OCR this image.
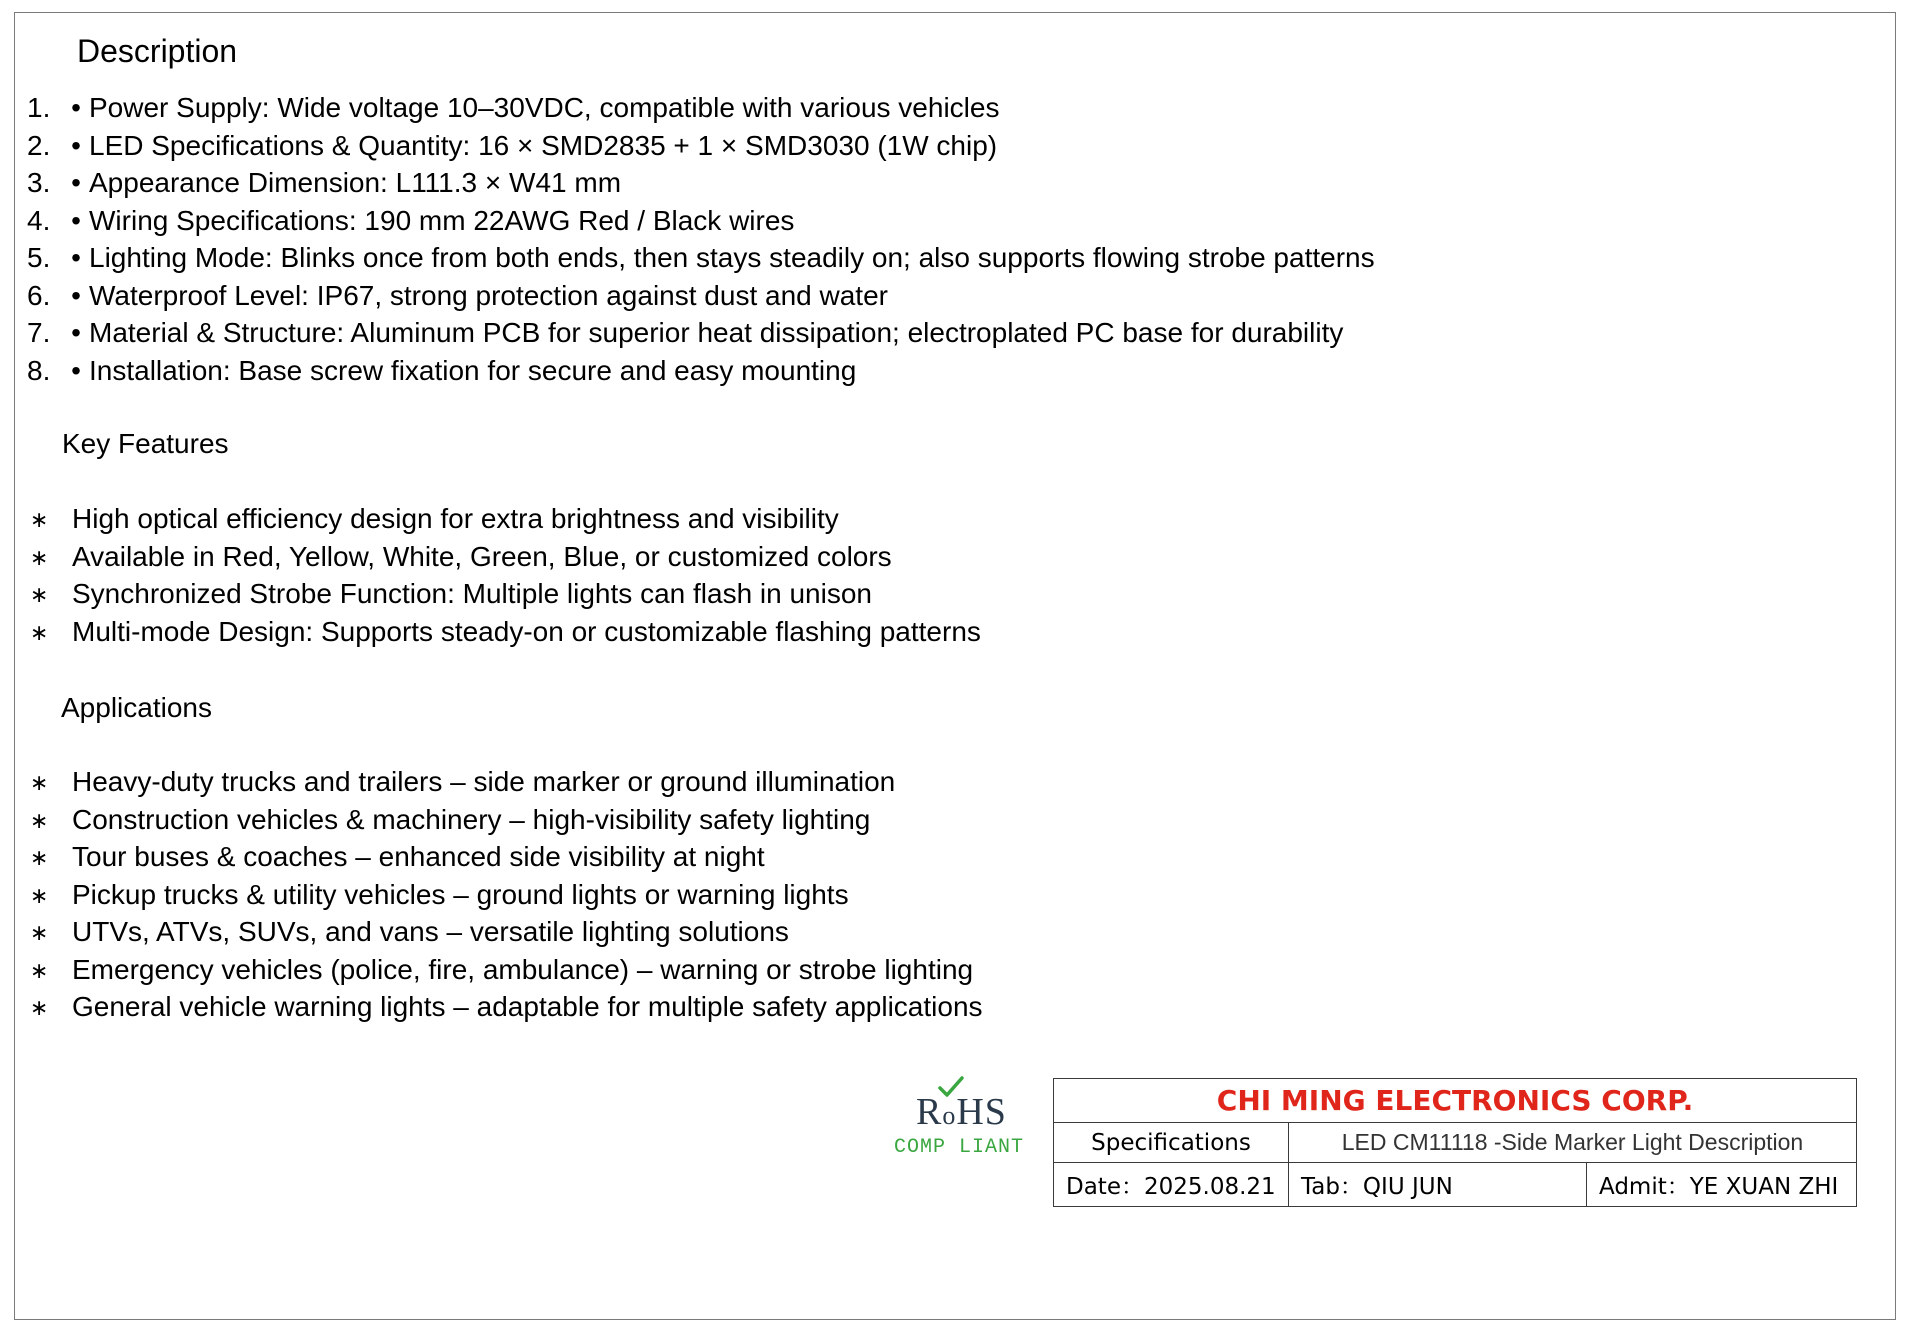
Description
1. • Power Supply: Wide voltage 10–30VDC, compatible with various vehicles
2. • LED Specifications & Quantity: 16 × SMD2835 + 1 × SMD3030 (1W chip)
3. • Appearance Dimension: L111.3 × W41 mm
4. • Wiring Specifications: 190 mm 22AWG Red / Black wires
5. • Lighting Mode: Blinks once from both ends, then stays steadily on; also supports flowing strobe patterns
6. • Waterproof Level: IP67, strong protection against dust and water
7. • Material & Structure: Aluminum PCB for superior heat dissipation; electroplated PC base for durability
8. • Installation: Base screw fixation for secure and easy mounting
Key Features
∗ High optical efficiency design for extra brightness and visibility
∗ Available in Red, Yellow, White, Green, Blue, or customized colors
∗ Synchronized Strobe Function: Multiple lights can flash in unison
∗ Multi-mode Design: Supports steady-on or customizable flashing patterns
Applications
∗ Heavy-duty trucks and trailers – side marker or ground illumination
∗ Construction vehicles & machinery – high-visibility safety lighting
∗ Tour buses & coaches – enhanced side visibility at night
∗ Pickup trucks & utility vehicles – ground lights or warning lights
∗ UTVs, ATVs, SUVs, and vans – versatile lighting solutions
∗ Emergency vehicles (police, fire, ambulance) – warning or strobe lighting
∗ General vehicle warning lights – adaptable for multiple safety applications
RoHS
COMP LIANT
CHI MING ELECTRONICS CORP.		
Specifications	LED CM11118 -Side Marker Light Description	
Date：2025.08.21	Tab：QIU JUN	Admit：YE XUAN ZHI
